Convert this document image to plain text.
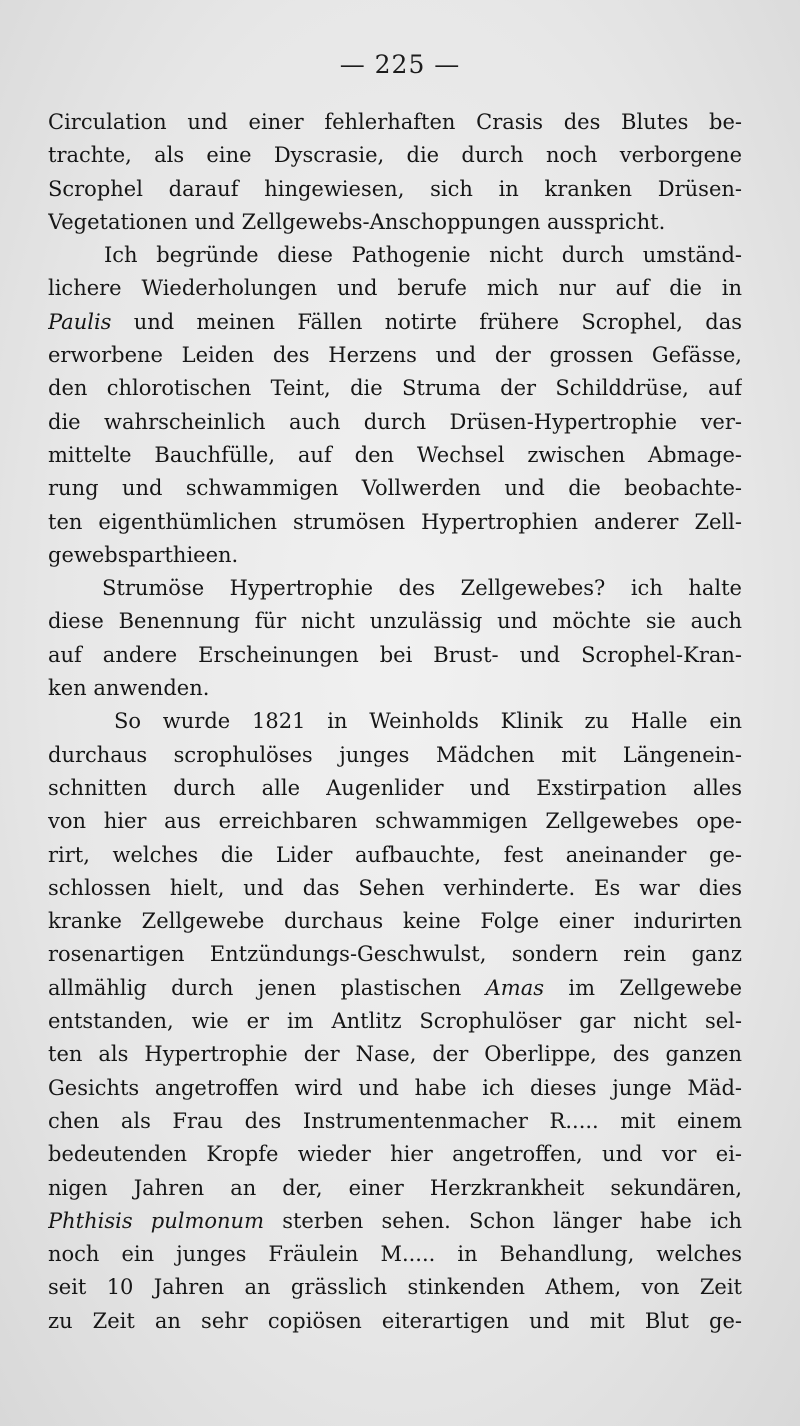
— 225 —
Circulation und einer fehlerhaften Crasis des Blutes be-
trachte, als eine Dyscrasie, die durch noch verborgene
Scrophel darauf hingewiesen, sich in kranken Drüsen-
Vegetationen und Zellgewebs-Anschoppungen ausspricht.
Ich begründe diese Pathogenie nicht durch umständ-
lichere Wiederholungen und berufe mich nur auf die in
Paulis und meinen Fällen notirte frühere Scrophel, das
erworbene Leiden des Herzens und der grossen Gefässe,
den chlorotischen Teint, die Struma der Schilddrüse, auf
die wahrscheinlich auch durch Drüsen-Hypertrophie ver-
mittelte Bauchfülle, auf den Wechsel zwischen Abmage-
rung und schwammigen Vollwerden und die beobachte-
ten eigenthümlichen strumösen Hypertrophien anderer Zell-
gewebsparthieen.
Strumöse Hypertrophie des Zellgewebes? ich halte
diese Benennung für nicht unzulässig und möchte sie auch
auf andere Erscheinungen bei Brust- und Scrophel-Kran-
ken anwenden.
So wurde 1821 in Weinholds Klinik zu Halle ein
durchaus scrophulöses junges Mädchen mit Längenein-
schnitten durch alle Augenlider und Exstirpation alles
von hier aus erreichbaren schwammigen Zellgewebes ope-
rirt, welches die Lider aufbauchte, fest aneinander ge-
schlossen hielt, und das Sehen verhinderte. Es war dies
kranke Zellgewebe durchaus keine Folge einer indurirten
rosenartigen Entzündungs-Geschwulst, sondern rein ganz
allmählig durch jenen plastischen Amas im Zellgewebe
entstanden, wie er im Antlitz Scrophulöser gar nicht sel-
ten als Hypertrophie der Nase, der Oberlippe, des ganzen
Gesichts angetroffen wird und habe ich dieses junge Mäd-
chen als Frau des Instrumentenmacher R..... mit einem
bedeutenden Kropfe wieder hier angetroffen, und vor ei-
nigen Jahren an der, einer Herzkrankheit sekundären,
Phthisis pulmonum sterben sehen. Schon länger habe ich
noch ein junges Fräulein M..... in Behandlung, welches
seit 10 Jahren an grässlich stinkenden Athem, von Zeit
zu Zeit an sehr copiösen eiterartigen und mit Blut ge-
